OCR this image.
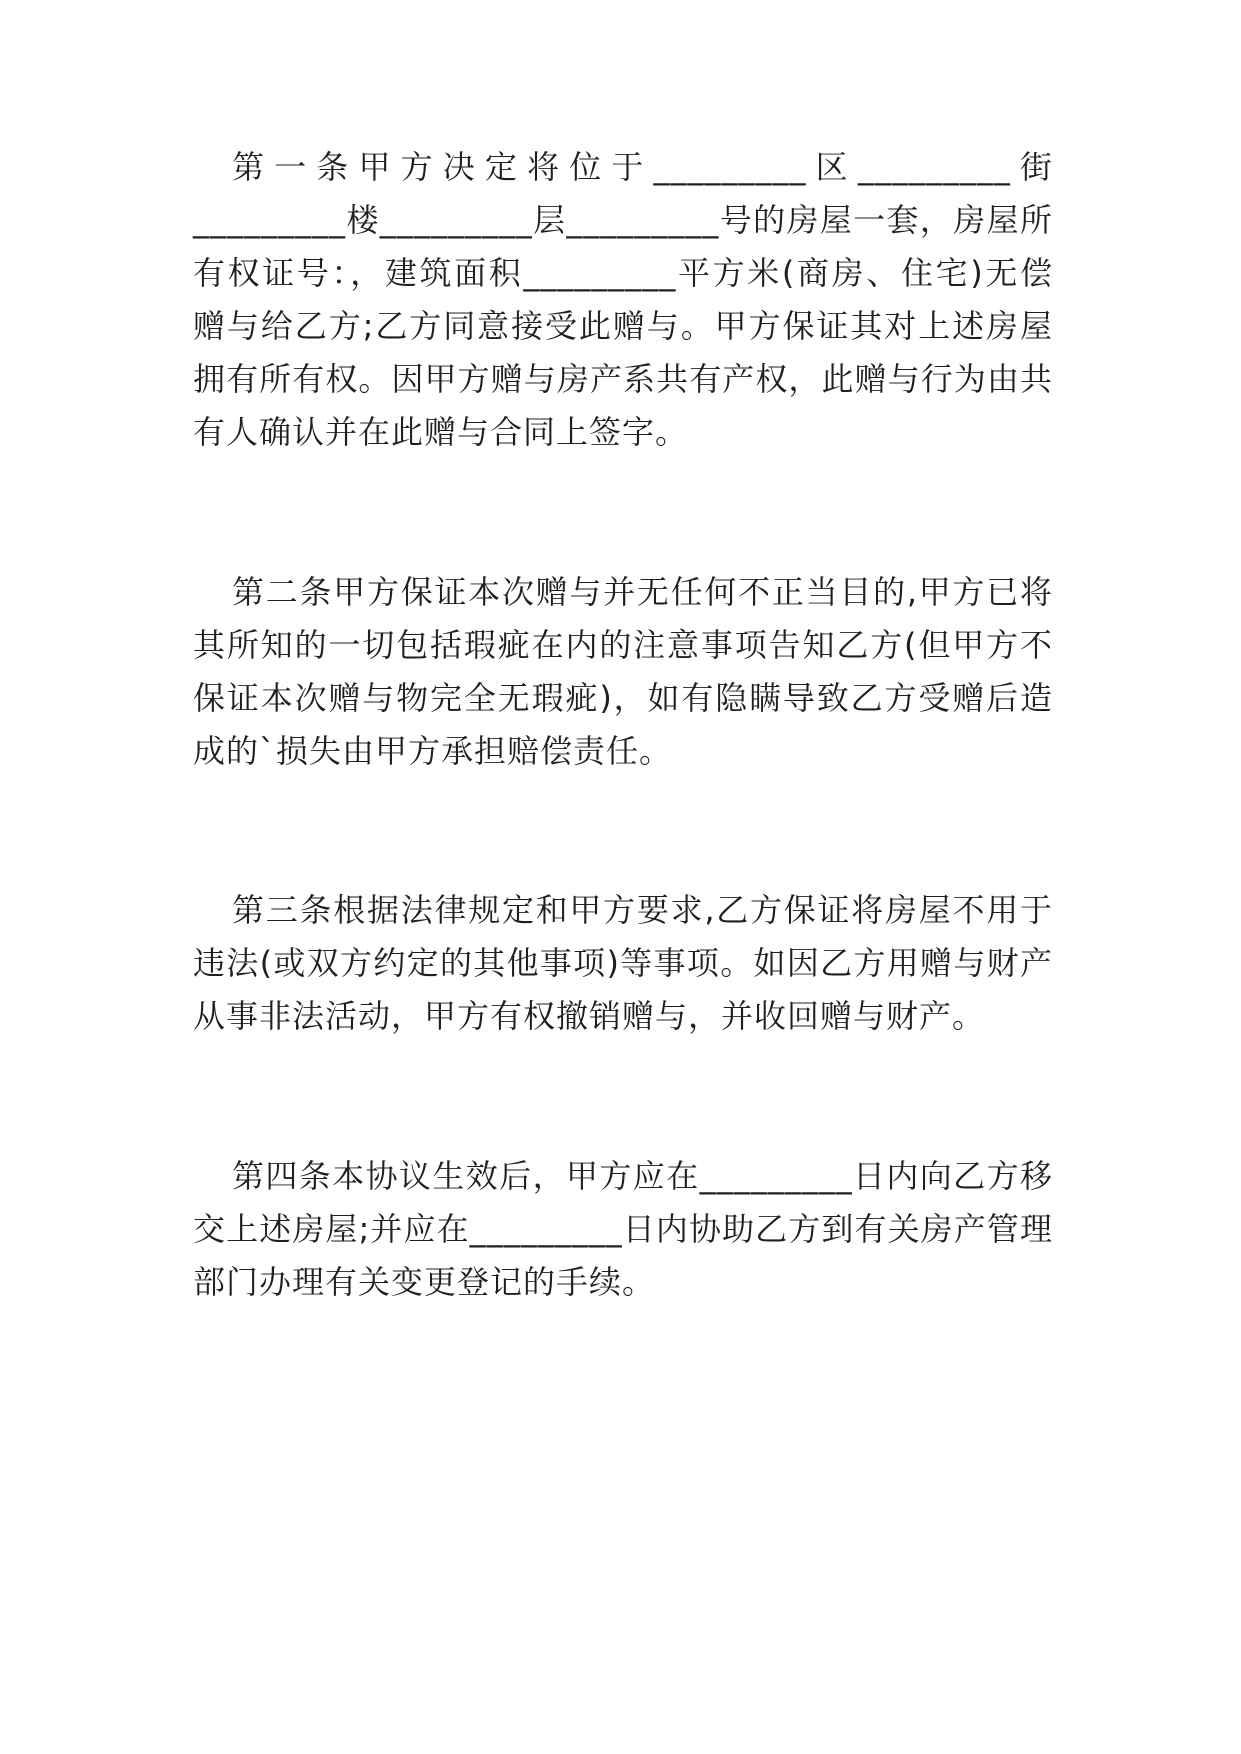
第一条甲方决定将位于_________区_________街

_________楼_________层_________号的房屋一套，房屋所

有权证号：，建筑面积_________平方米(商房、住宅)无偿

赠与给乙方;乙方同意接受此赠与。甲方保证其对上述房屋

拥有所有权。因甲方赠与房产系共有产权，此赠与行为由共

有人确认并在此赠与合同上签字。

第二条甲方保证本次赠与并无任何不正当目的,甲方已将

其所知的一切包括瑕疵在内的注意事项告知乙方(但甲方不

保证本次赠与物完全无瑕疵)，如有隐瞒导致乙方受赠后造

成的`损失由甲方承担赔偿责任。

第三条根据法律规定和甲方要求,乙方保证将房屋不用于

违法(或双方约定的其他事项)等事项。如因乙方用赠与财产

从事非法活动，甲方有权撤销赠与，并收回赠与财产。

第四条本协议生效后，甲方应在_________日内向乙方移

交上述房屋;并应在_________日内协助乙方到有关房产管理

部门办理有关变更登记的手续。
